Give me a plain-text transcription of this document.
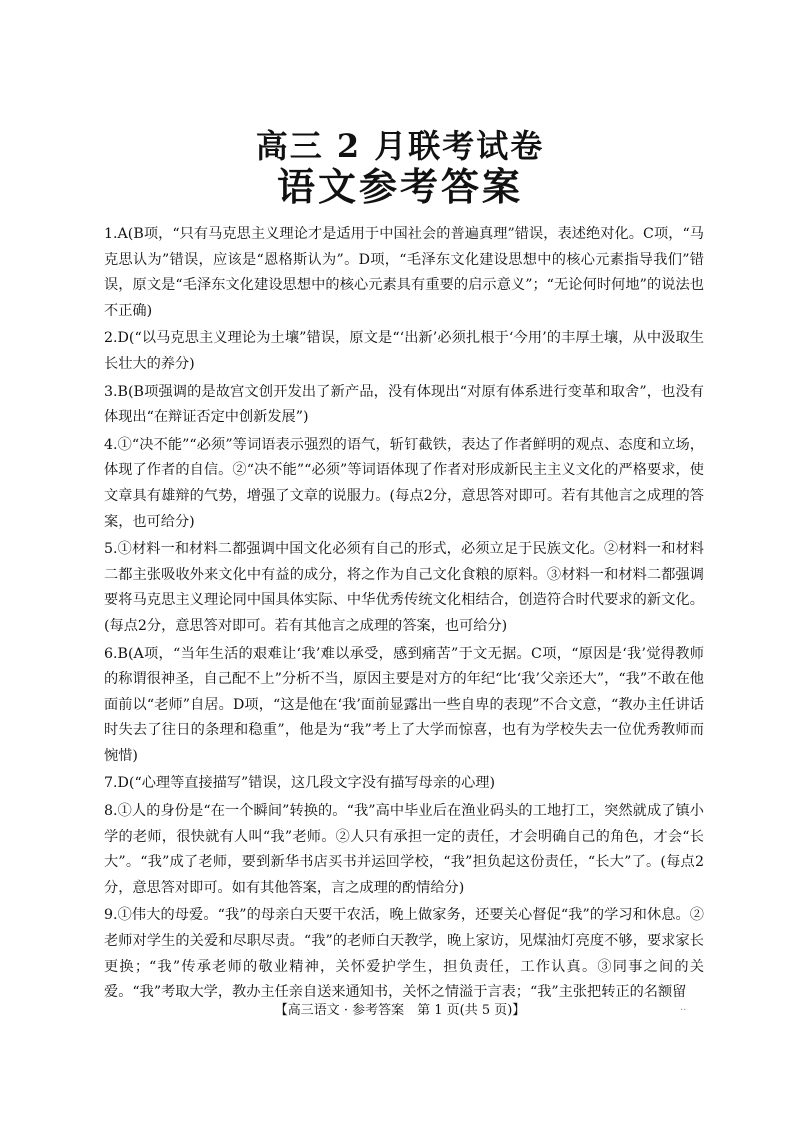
高三 2 月联考试卷
语文参考答案
1.A(B项，“只有马克思主义理论才是适用于中国社会的普遍真理”错误，表述绝对化。C项，“马克思认为”错误，应该是“恩格斯认为”。D项，“毛泽东文化建设思想中的核心元素指导我们”错误，原文是“毛泽东文化建设思想中的核心元素具有重要的启示意义”；“无论何时何地”的说法也不正确)
2.D(“以马克思主义理论为土壤”错误，原文是“‘出新’必须扎根于‘今用’的丰厚土壤，从中汲取生长壮大的养分)
3.B(B项强调的是故宫文创开发出了新产品，没有体现出“对原有体系进行变革和取舍”，也没有体现出“在辩证否定中创新发展”)
4.①“决不能”“必须”等词语表示强烈的语气，斩钉截铁，表达了作者鲜明的观点、态度和立场，体现了作者的自信。②“决不能”“必须”等词语体现了作者对形成新民主主义文化的严格要求，使文章具有雄辩的气势，增强了文章的说服力。(每点2分，意思答对即可。若有其他言之成理的答案，也可给分)
5.①材料一和材料二都强调中国文化必须有自己的形式，必须立足于民族文化。②材料一和材料二都主张吸收外来文化中有益的成分，将之作为自己文化食粮的原料。③材料一和材料二都强调要将马克思主义理论同中国具体实际、中华优秀传统文化相结合，创造符合时代要求的新文化。(每点2分，意思答对即可。若有其他言之成理的答案，也可给分)
6.B(A项，“当年生活的艰难让‘我’难以承受，感到痛苦”于文无据。C项，“原因是‘我’觉得教师的称谓很神圣，自己配不上”分析不当，原因主要是对方的年纪“比‘我’父亲还大”，“我”不敢在他面前以“老师”自居。D项，“这是他在‘我’面前显露出一些自卑的表现”不合文意，“教办主任讲话时失去了往日的条理和稳重”，他是为“我”考上了大学而惊喜，也有为学校失去一位优秀教师而惋惜)
7.D(“心理等直接描写”错误，这几段文字没有描写母亲的心理)
8.①人的身份是“在一个瞬间”转换的。“我”高中毕业后在渔业码头的工地打工，突然就成了镇小学的老师，很快就有人叫“我”老师。②人只有承担一定的责任，才会明确自己的角色，才会“长大”。“我”成了老师，要到新华书店买书并运回学校，“我”担负起这份责任，“长大”了。(每点2分，意思答对即可。如有其他答案，言之成理的酌情给分)
9.①伟大的母爱。“我”的母亲白天要干农活，晚上做家务，还要关心督促“我”的学习和休息。②老师对学生的关爱和尽职尽责。“我”的老师白天教学，晚上家访，见煤油灯亮度不够，要求家长更换；“我”传承老师的敬业精神，关怀爱护学生，担负责任，工作认真。③同事之间的关爱。“我”考取大学，教办主任亲自送来通知书，关怀之情溢于言表；“我”主张把转正的名额留
【高三语文 · 参考答案　第 1 页(共 5 页)】	··
